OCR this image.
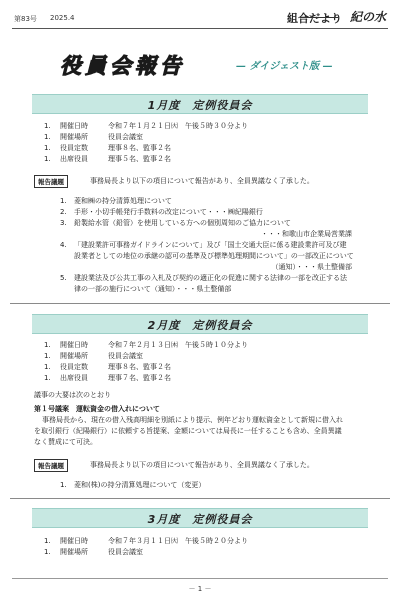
第83号 2025.4	組合だより 紀の水
役員会報告	— ダイジェスト版 —
1月度　定例役員会
1. 開催日時	令和７年１月２１日㈫　午後５時３０分より
1. 開催場所	役員会議室
1. 役員定数	理事８名、監事２名
1. 出席役員	理事５名、監事２名
報告議題	事務局長より以下の項目について報告があり、全員異議なく了承した。
1. 菱和㈱の持分清算処理について
2. 手形・小切手帳発行手数料の改定について・・・㈱紀陽銀行
3. 鉛製給水管（鉛管）を使用している方への個別周知のご協力について
・・・和歌山市企業局営業課
4. 「建設業許可事務ガイドラインについて」及び「国土交通大臣に係る建設業許可及び建
設業者としての地位の承継の認可の基準及び標準処理期間について」の一部改正について
（通知）・・・県土整備部
5. 建設業法及び公共工事の入札及び契約の適正化の促進に関する法律の一部を改正する法
律の一部の施行について（通知）・・・県土整備部
2月度　定例役員会
1. 開催日時	令和７年２月１３日㈭　午後５時１０分より
1. 開催場所	役員会議室
1. 役員定数	理事８名、監事２名
1. 出席役員	理事７名、監事２名
議事の大要は次のとおり
第１号議案　運転資金の借入れについて
事務局長から、現在の借入残高明細を別紙により提示、例年どおり運転資金として新規に借入れ
を取引銀行（紀陽銀行）に依頼する旨提案、金額については局長に一任することも含め、全員異議
なく賛成にて可決。
報告議題	事務局長より以下の項目について報告があり、全員異議なく了承した。
1. 菱和(株)の持分清算処理について（変更）
3月度　定例役員会
1. 開催日時	令和７年３月１１日㈫　午後５時２０分より
1. 開催場所	役員会議室
－ 1 －
